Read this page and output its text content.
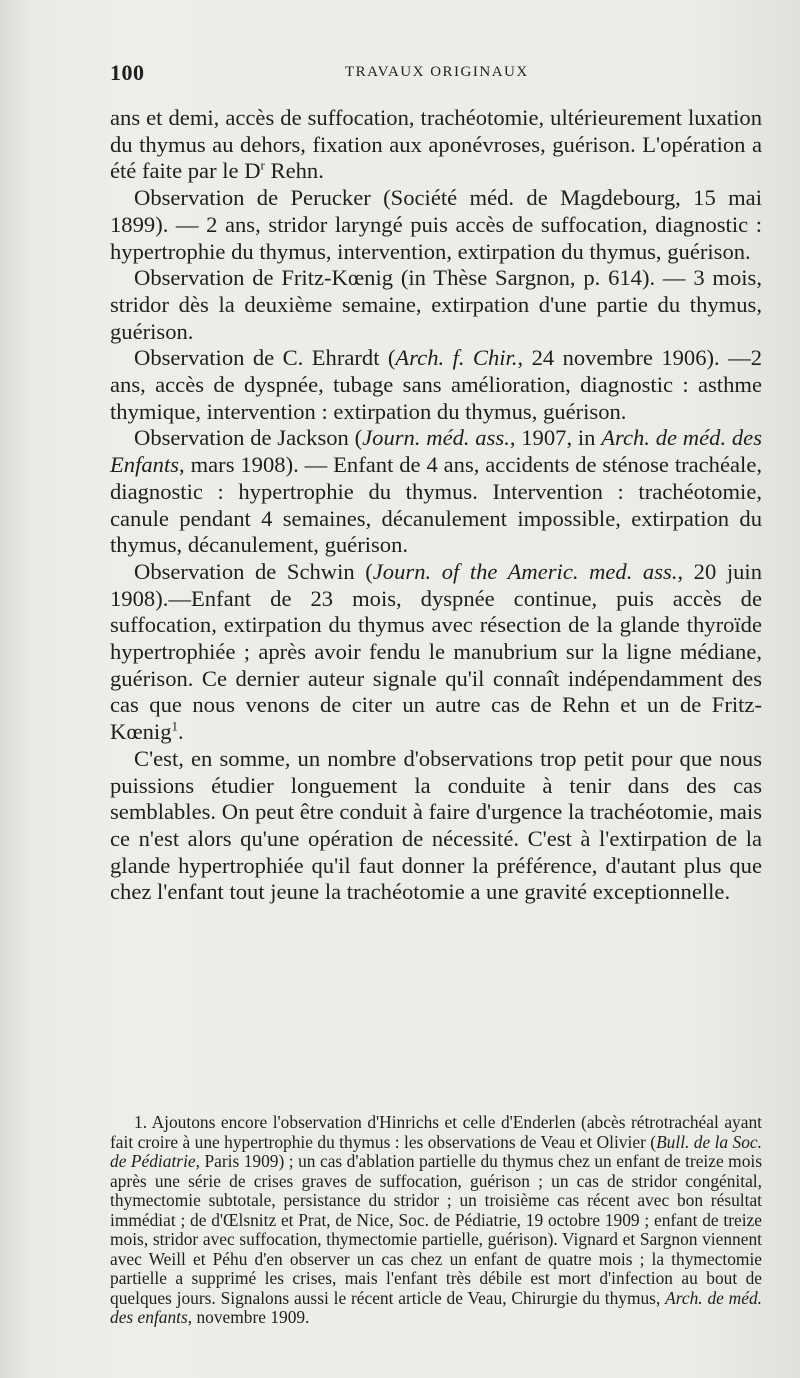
100	TRAVAUX ORIGINAUX

ans et demi, accès de suffocation, trachéotomie, ultérieurement luxation du thymus au dehors, fixation aux aponévroses, guérison. L'opération a été faite par le $D^r$ Rehn.

Observation de Perucker (Société méd. de Magdebourg, 15 mai 1899). — 2 ans, stridor laryngé puis accès de suffocation, diagnostic : hypertrophie du thymus, intervention, extirpation du thymus, guérison.

Observation de Fritz-Kœnig (in Thèse Sargnon, p. 614). — 3 mois, stridor dès la deuxième semaine, extirpation d'une partie du thymus, guérison.

Observation de C. Ehrardt (Arch. f. Chir., 24 novembre 1906). —2 ans, accès de dyspnée, tubage sans amélioration, diagnostic : asthme thymique, intervention : extirpation du thymus, guérison.

Observation de Jackson (Journ. méd. ass., 1907, in Arch. de méd. des Enfants, mars 1908). — Enfant de 4 ans, accidents de sténose trachéale, diagnostic : hypertrophie du thymus. Intervention : trachéotomie, canule pendant 4 semaines, décanulement impossible, extirpation du thymus, décanulement, guérison.

Observation de Schwin (Journ. of the Americ. med. ass., 20 juin 1908).—Enfant de 23 mois, dyspnée continue, puis accès de suffocation, extirpation du thymus avec résection de la glande thyroïde hypertrophiée ; après avoir fendu le manubrium sur la ligne médiane, guérison. Ce dernier auteur signale qu'il connaît indépendamment des cas que nous venons de citer un autre cas de Rehn et un de Fritz-Kœnig$^1$.

C'est, en somme, un nombre d'observations trop petit pour que nous puissions étudier longuement la conduite à tenir dans des cas semblables. On peut être conduit à faire d'urgence la trachéotomie, mais ce n'est alors qu'une opération de nécessité. C'est à l'extirpation de la glande hypertrophiée qu'il faut donner la préférence, d'autant plus que chez l'enfant tout jeune la trachéotomie a une gravité exceptionnelle.

1. Ajoutons encore l'observation d'Hinrichs et celle d'Enderlen (abcès rétrotrachéal ayant fait croire à une hypertrophie du thymus : les observations de Veau et Olivier (Bull. de la Soc. de Pédiatrie, Paris 1909) ; un cas d'ablation partielle du thymus chez un enfant de treize mois après une série de crises graves de suffocation, guérison ; un cas de stridor congénital, thymectomie subtotale, persistance du stridor ; un troisième cas récent avec bon résultat immédiat ; de d'Œlsnitz et Prat, de Nice, Soc. de Pédiatrie, 19 octobre 1909 ; enfant de treize mois, stridor avec suffocation, thymectomie partielle, guérison). Vignard et Sargnon viennent avec Weill et Péhu d'en observer un cas chez un enfant de quatre mois ; la thymectomie partielle a supprimé les crises, mais l'enfant très débile est mort d'infection au bout de quelques jours. Signalons aussi le récent article de Veau, Chirurgie du thymus, Arch. de méd. des enfants, novembre 1909.
